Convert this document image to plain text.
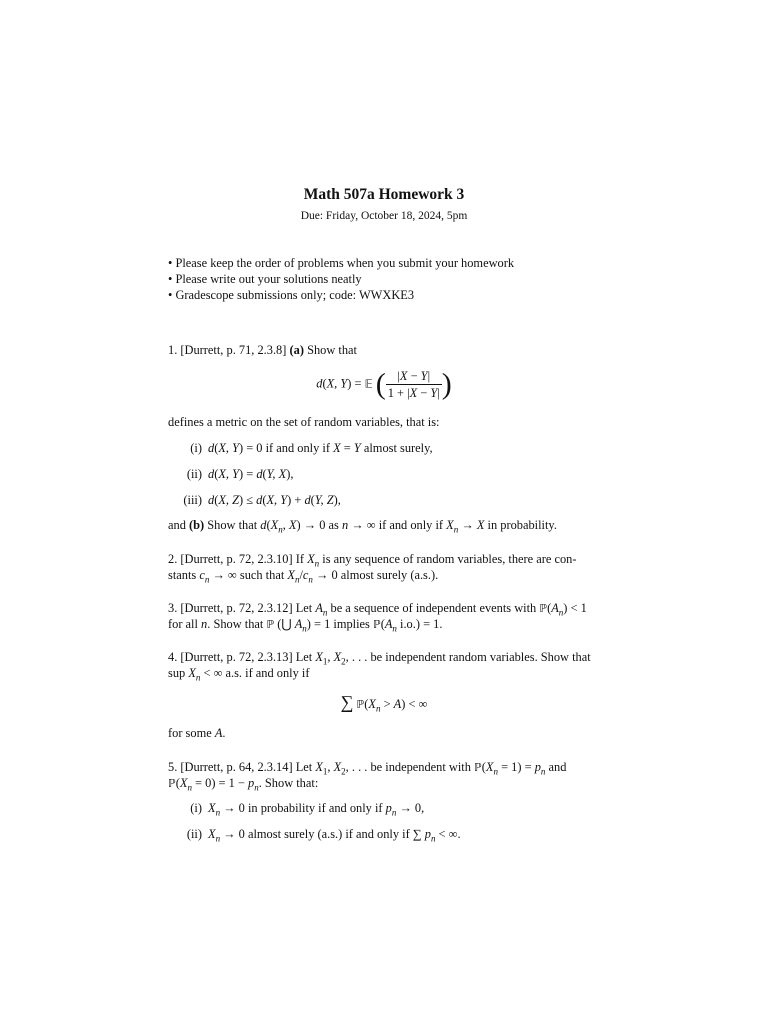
Math 507a Homework 3
Due: Friday, October 18, 2024, 5pm
• Please keep the order of problems when you submit your homework
• Please write out your solutions neatly
• Gradescope submissions only; code: WWXKE3
1. [Durrett, p. 71, 2.3.8] (a) Show that
d(X, Y) = 𝔼 ( $\frac{|X - Y|}{1 + |X - Y|}$ )
defines a metric on the set of random variables, that is:
(i) d(X, Y) = 0 if and only if X = Y almost surely,
(ii) d(X, Y) = d(Y, X),
(iii) d(X, Z) ≤ d(X, Y) + d(Y, Z),
and (b) Show that $d(X_n$, X) → 0 as n → ∞ if and only if $X_n \to X$ in probability.
2. [Durrett, p. 72, 2.3.10] If $X_n$ is any sequence of random variables, there are con-
stants $c_n$ → ∞ such that $X_n/c_n \to 0$ almost surely (a.s.).
3. [Durrett, p. 72, 2.3.12] Let $A_n$ be a sequence of independent events with $ℙ(A_n) < 1$
for all n. Show that ℙ (⋃ $A_n) = 1$ implies $ℙ(A_n$ i.o.) = 1.
4. [Durrett, p. 72, 2.3.13] Let $X_1$, $X_2$, . . . be independent random variables. Show that
sup $X_n$ < ∞ a.s. if and only if
∑ $ℙ(X_n > A)$ < ∞
for some A.
5. [Durrett, p. 64, 2.3.14] Let $X_1$, $X_2$, . . . be independent with $ℙ(X_n = 1) = p_n$ and
$ℙ(X_n = 0) = 1 - p_n$. Show that:
(i) $X_n \to 0$ in probability if and only if $p_n \to 0$,
(ii) $X_n \to 0$ almost surely (a.s.) if and only if ∑ $p_n$ < ∞.
